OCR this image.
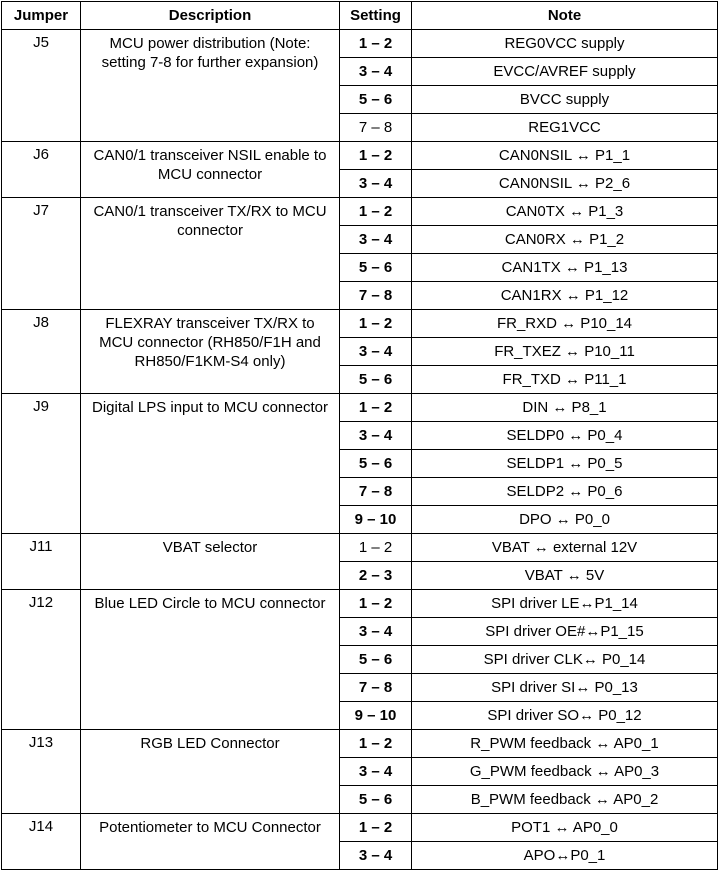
Jumper	Description	Setting	Note
J5	MCU power distribution (Note: setting 7-8 for further expansion)	1 – 2	REG0VCC supply
		3 – 4	EVCC/AVREF supply
		5 – 6	BVCC supply
		7 – 8	REG1VCC
J6	CAN0/1 transceiver NSIL enable to MCU connector	1 – 2	CAN0NSIL ↔ P1_1
		3 – 4	CAN0NSIL ↔ P2_6
J7	CAN0/1 transceiver TX/RX to MCU connector	1 – 2	CAN0TX ↔ P1_3
		3 – 4	CAN0RX ↔ P1_2
		5 – 6	CAN1TX ↔ P1_13
		7 – 8	CAN1RX ↔ P1_12
J8	FLEXRAY transceiver TX/RX to MCU connector (RH850/F1H and RH850/F1KM-S4 only)	1 – 2	FR_RXD ↔ P10_14
		3 – 4	FR_TXEZ ↔ P10_11
		5 – 6	FR_TXD ↔ P11_1
J9	Digital LPS input to MCU connector	1 – 2	DIN ↔ P8_1
		3 – 4	SELDP0 ↔ P0_4
		5 – 6	SELDP1 ↔ P0_5
		7 – 8	SELDP2 ↔ P0_6
		9 – 10	DPO ↔ P0_0
J11	VBAT selector	1 – 2	VBAT ↔ external 12V
		2 – 3	VBAT ↔ 5V
J12	Blue LED Circle to MCU connector	1 – 2	SPI driver LE↔P1_14
		3 – 4	SPI driver OE#↔P1_15
		5 – 6	SPI driver CLK↔ P0_14
		7 – 8	SPI driver SI↔ P0_13
		9 – 10	SPI driver SO↔ P0_12
J13	RGB LED Connector	1 – 2	R_PWM feedback ↔ AP0_1
		3 – 4	G_PWM feedback ↔ AP0_3
		5 – 6	B_PWM feedback ↔ AP0_2
J14	Potentiometer to MCU Connector	1 – 2	POT1 ↔ AP0_0
		3 – 4	APO↔P0_1
